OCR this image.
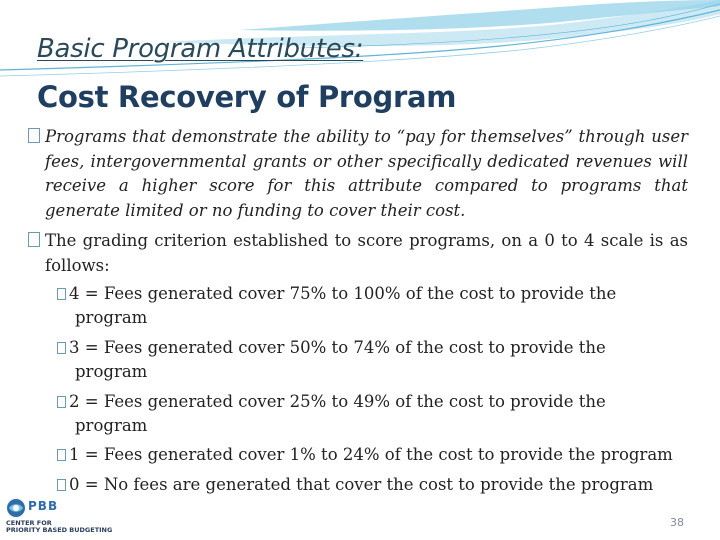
Basic Program Attributes:
Cost Recovery of Program
Programs that demonstrate the ability to “pay for themselves” through user fees, intergovernmental grants or other specifically dedicated revenues will receive a higher score for this attribute compared to programs that generate limited or no funding to cover their cost.
The grading criterion established to score programs, on a 0 to 4 scale is as follows:
4 = Fees generated cover 75% to 100% of the cost to provide the
program
3 = Fees generated cover 50% to 74% of the cost to provide the
program
2 = Fees generated cover 25% to 49% of the cost to provide the
program
1 = Fees generated cover 1% to 24% of the cost to provide the program
0 = No fees are generated that cover the cost to provide the program
PBB
CENTER FOR
PRIORITY BASED BUDGETING
38
